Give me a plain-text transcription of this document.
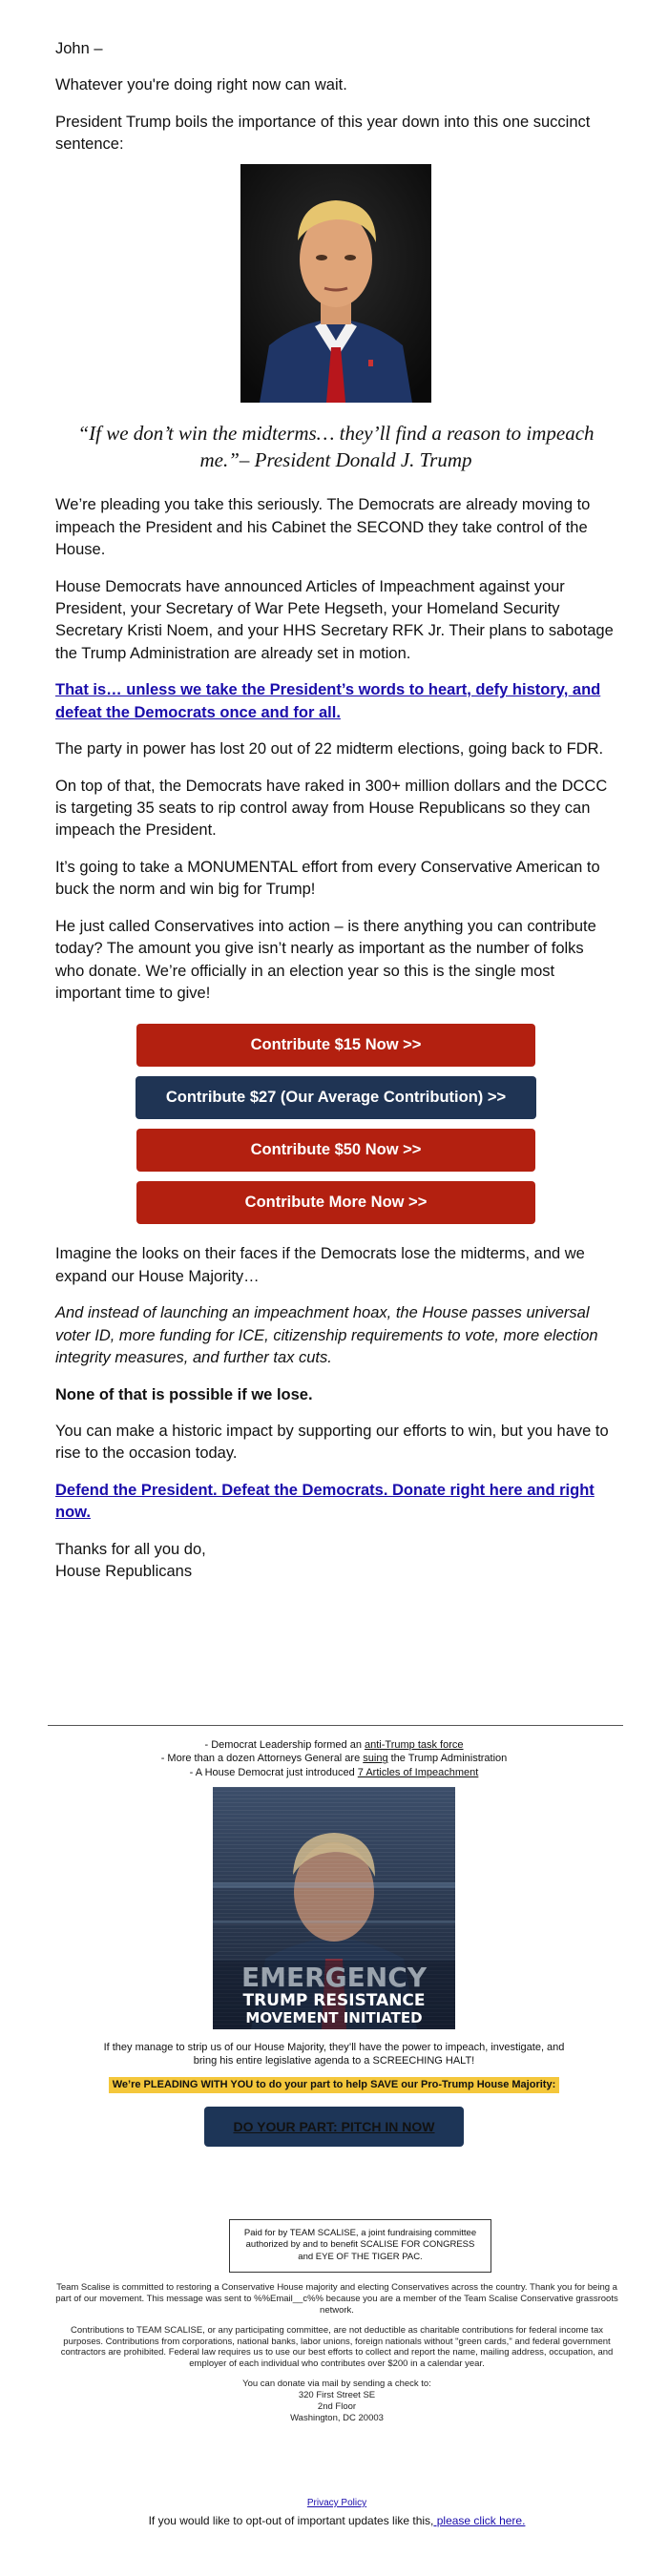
John –
Whatever you're doing right now can wait.
President Trump boils the importance of this year down into this one succinct sentence:
“If we don’t win the midterms… they’ll find a reason to impeach me.”– President Donald J. Trump
We’re pleading you take this seriously. The Democrats are already moving to impeach the President and his Cabinet the SECOND they take control of the House.
House Democrats have announced Articles of Impeachment against your President, your Secretary of War Pete Hegseth, your Homeland Security Secretary Kristi Noem, and your HHS Secretary RFK Jr. Their plans to sabotage the Trump Administration are already set in motion.
That is… unless we take the President’s words to heart, defy history, and defeat the Democrats once and for all.
The party in power has lost 20 out of 22 midterm elections, going back to FDR.
On top of that, the Democrats have raked in 300+ million dollars and the DCCC is targeting 35 seats to rip control away from House Republicans so they can impeach the President.
It’s going to take a MONUMENTAL effort from every Conservative American to buck the norm and win big for Trump!
He just called Conservatives into action – is there anything you can contribute today? The amount you give isn’t nearly as important as the number of folks who donate. We’re officially in an election year so this is the single most important time to give!
Contribute $15 Now >>
Contribute $27 (Our Average Contribution) >>
Contribute $50 Now >>
Contribute More Now >>
Imagine the looks on their faces if the Democrats lose the midterms, and we expand our House Majority…
And instead of launching an impeachment hoax, the House passes universal voter ID, more funding for ICE, citizenship requirements to vote, more election integrity measures, and further tax cuts.
None of that is possible if we lose.
You can make a historic impact by supporting our efforts to win, but you have to rise to the occasion today.
Defend the President. Defeat the Democrats. Donate right here and right now.
Thanks for all you do,
House Republicans
- Democrat Leadership formed an anti-Trump task force
- More than a dozen Attorneys General are suing the Trump Administration
- A House Democrat just introduced 7 Articles of Impeachment
EMERGENCY
TRUMP RESISTANCE
MOVEMENT INITIATED
If they manage to strip us of our House Majority, they’ll have the power to impeach, investigate, and bring his entire legislative agenda to a SCREECHING HALT!
We’re PLEADING WITH YOU to do your part to help SAVE our Pro-Trump House Majority:
DO YOUR PART: PITCH IN NOW
Paid for by TEAM SCALISE, a joint fundraising committee authorized by and to benefit SCALISE FOR CONGRESS and EYE OF THE TIGER PAC.
Team Scalise is committed to restoring a Conservative House majority and electing Conservatives across the country. Thank you for being a part of our movement. This message was sent to %%Email__c%% because you are a member of the Team Scalise Conservative grassroots network.
Contributions to TEAM SCALISE, or any participating committee, are not deductible as charitable contributions for federal income tax purposes. Contributions from corporations, national banks, labor unions, foreign nationals without "green cards," and federal government contractors are prohibited. Federal law requires us to use our best efforts to collect and report the name, mailing address, occupation, and employer of each individual who contributes over $200 in a calendar year.
You can donate via mail by sending a check to:
320 First Street SE
2nd Floor
Washington, DC 20003
Privacy Policy
If you would like to opt-out of important updates like this, please click here.
